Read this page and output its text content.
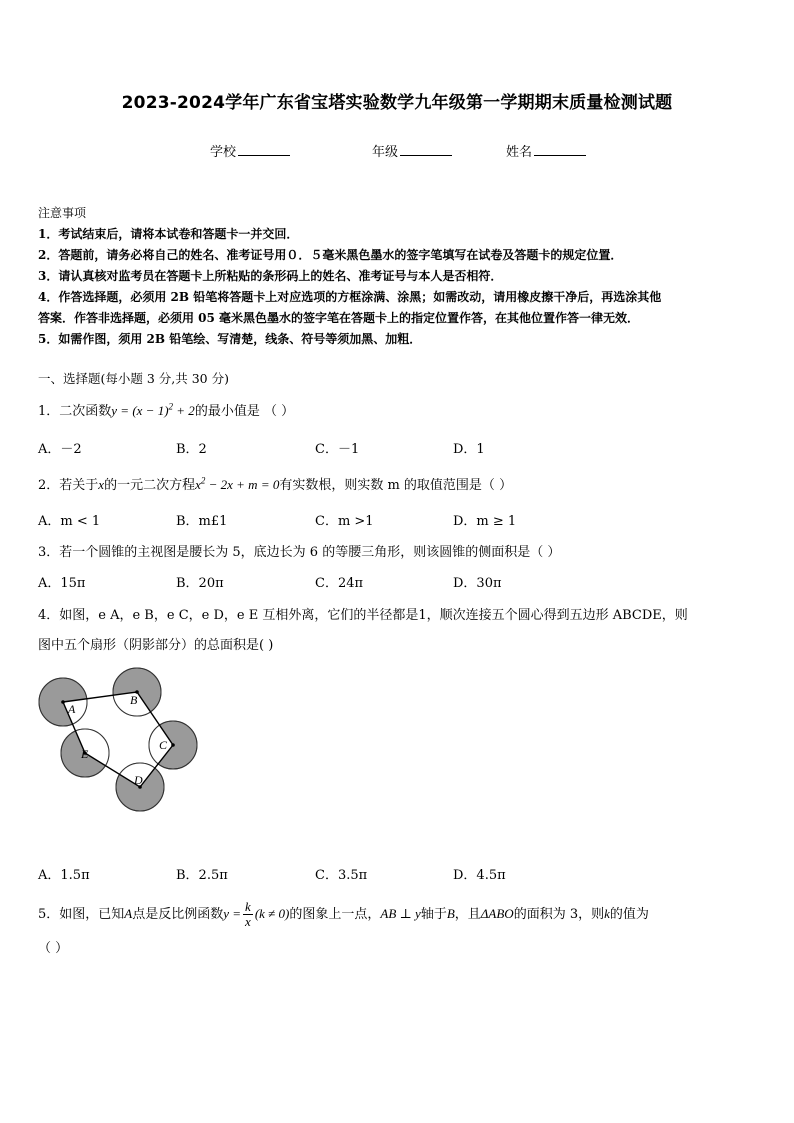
2023-2024学年广东省宝塔实验数学九年级第一学期期末质量检测试题
学校	年级	姓名
注意事项
1．考试结束后，请将本试卷和答题卡一并交回．
2．答题前，请务必将自己的姓名、准考证号用０．５毫米黑色墨水的签字笔填写在试卷及答题卡的规定位置．
3．请认真核对监考员在答题卡上所粘贴的条形码上的姓名、准考证号与本人是否相符．
4．作答选择题，必须用 2B 铅笔将答题卡上对应选项的方框涂满、涂黑；如需改动，请用橡皮擦干净后，再选涂其他
答案．作答非选择题，必须用 05 毫米黑色墨水的签字笔在答题卡上的指定位置作答，在其他位置作答一律无效．
5．如需作图，须用 2B 铅笔绘、写清楚，线条、符号等须加黑、加粗．
一、选择题(每小题 3 分,共 30 分)
1．二次函数$y = (x - 1)^2 + 2$的最小值是 （ ）
A．－2	B．2	C．－1	D．1
2．若关于x的一元二次方程$x^2 - 2x + m = 0$有实数根，则实数 m 的取值范围是（ ）
A．m < 1	B．m£1	C．m >1	D．m ≥ 1
3．若一个圆锥的主视图是腰长为 5，底边长为 6 的等腰三角形，则该圆锥的侧面积是（ ）
A．15π	B．20π	C．24π	D．30π
4．如图，e A，e B，e C，e D，e E 互相外离，它们的半径都是1，顺次连接五个圆心得到五边形 ABCDE，则
图中五个扇形（阴影部分）的总面积是( )
A
B
C
D
E
A．1.5π	B．2.5π	C．3.5π	D．4.5π
5．如图，已知A点是反比例函数$y = \frac{k}{x} (k \ne 0)$的图象上一点，AB ⊥ y轴于B，且ΔABO的面积为 3，则k的值为
（ ）
